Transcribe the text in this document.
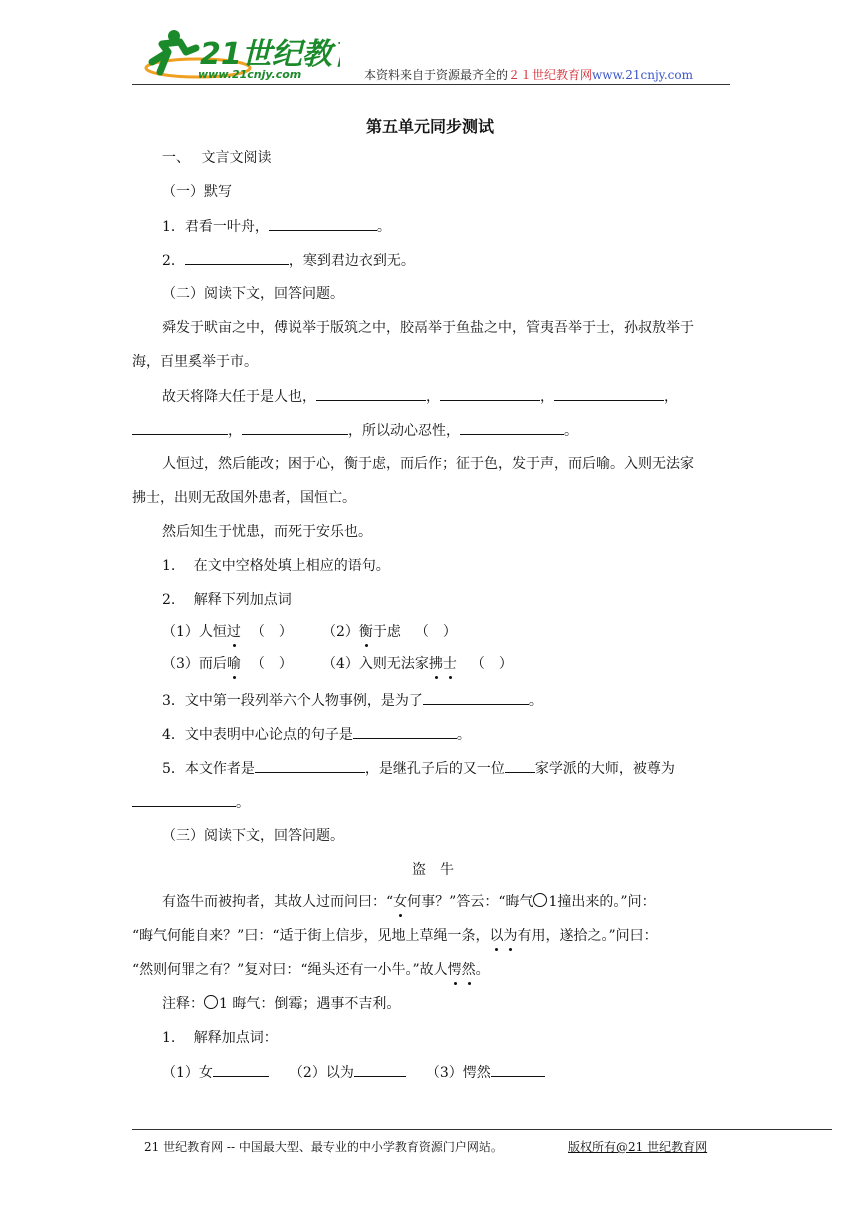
21世纪教
www.21cnjy.com	本资料来自于资源最齐全的２１世纪教育网www.21cnjy.com
第五单元同步测试
一、　 文言文阅读
（一）默写
1．君看一叶舟，	。
2．	，寒到君边衣到无。
（二）阅读下文，回答问题。
舜发于畎亩之中，傅说举于版筑之中，胶鬲举于鱼盐之中，管夷吾举于士，孙叔敖举于
海，百里奚举于市。
故天将降大任于是人也，	，	，	，
，	，所以动心忍性，	。
人恒过，然后能改；困于心，衡于虑，而后作；征于色，发于声，而后喻。入则无法家
拂士，出则无敌国外患者，国恒亡。
然后知生于忧患，而死于安乐也。
1.　 在文中空格处填上相应的语句。
2.　 解释下列加点词
（1）人恒过 （　） （2）衡于虑 （　）
（3）而后喻 （　） （4）入则无法家拂士 （　）
3．文中第一段列举六个人物事例，是为了	。
4．文中表明中心论点的句子是	。
5．本文作者是	，是继孔子后的又一位 家学派的大师，被尊为
。
（三）阅读下文，回答问题。
盗　牛
有盗牛而被拘者，其故人过而问曰：“女何事？”答云：“晦气 1撞出来的。”问：
“晦气何能自来？”曰：“适于街上信步，见地上草绳一条，以为有用，遂拾之。”问曰：
“然则何罪之有？”复对曰：“绳头还有一小牛。”故人愕然。
注释： 1 晦气：倒霉；遇事不吉利。
1.　 解释加点词：
（1）女	（2）以为	（3）愕然
21 世纪教育网 -- 中国最大型、最专业的中小学教育资源门户网站。	版权所有@21 世纪教育网
